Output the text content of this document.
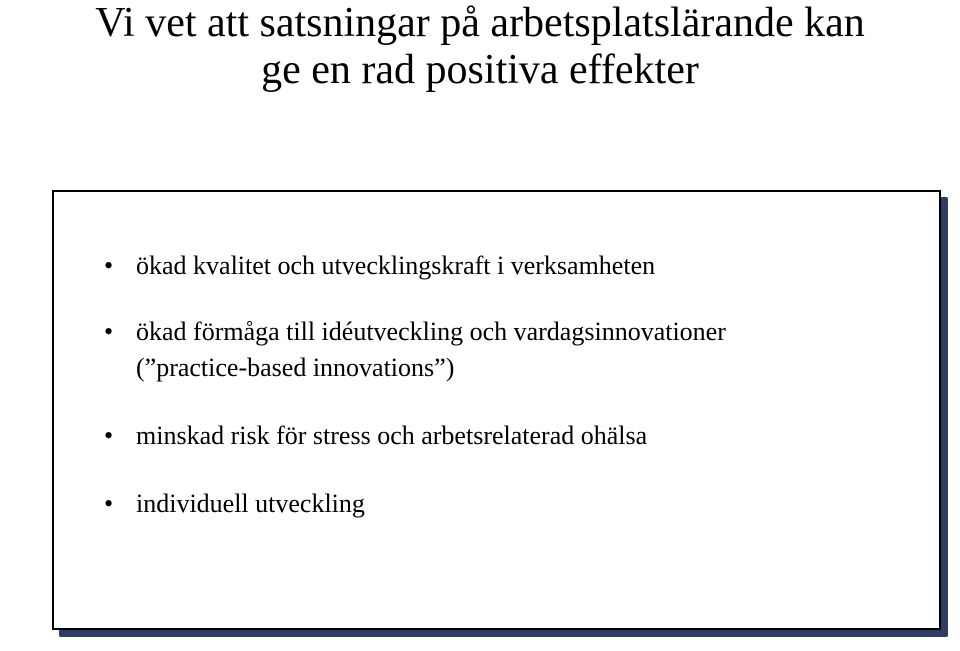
Vi vet att satsningar på arbetsplatslärande kan
ge en rad positiva effekter
• ökad kvalitet och utvecklingskraft i verksamheten
• ökad förmåga till idéutveckling och vardagsinnovationer
(”practice-based innovations”)
• minskad risk för stress och arbetsrelaterad ohälsa
• individuell utveckling
